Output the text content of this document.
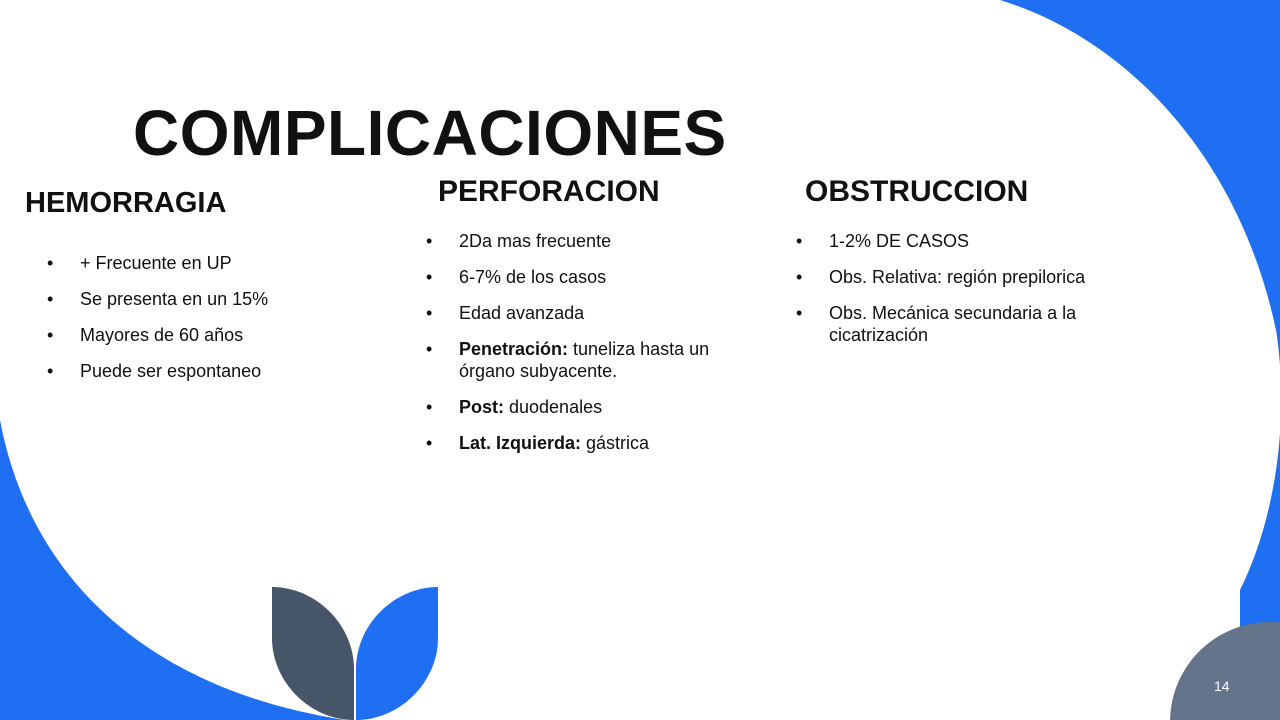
COMPLICACIONES
HEMORRAGIA
• + Frecuente en UP
• Se presenta en un 15%
• Mayores de 60 años
• Puede ser espontaneo
PERFORACION
• 2Da mas frecuente
• 6-7% de los casos
• Edad avanzada
• Penetración: tuneliza hasta un órgano subyacente.
• Post: duodenales
• Lat. Izquierda: gástrica
OBSTRUCCION
• 1-2% DE CASOS
• Obs. Relativa: región prepilorica
• Obs. Mecánica secundaria a la cicatrización
14
